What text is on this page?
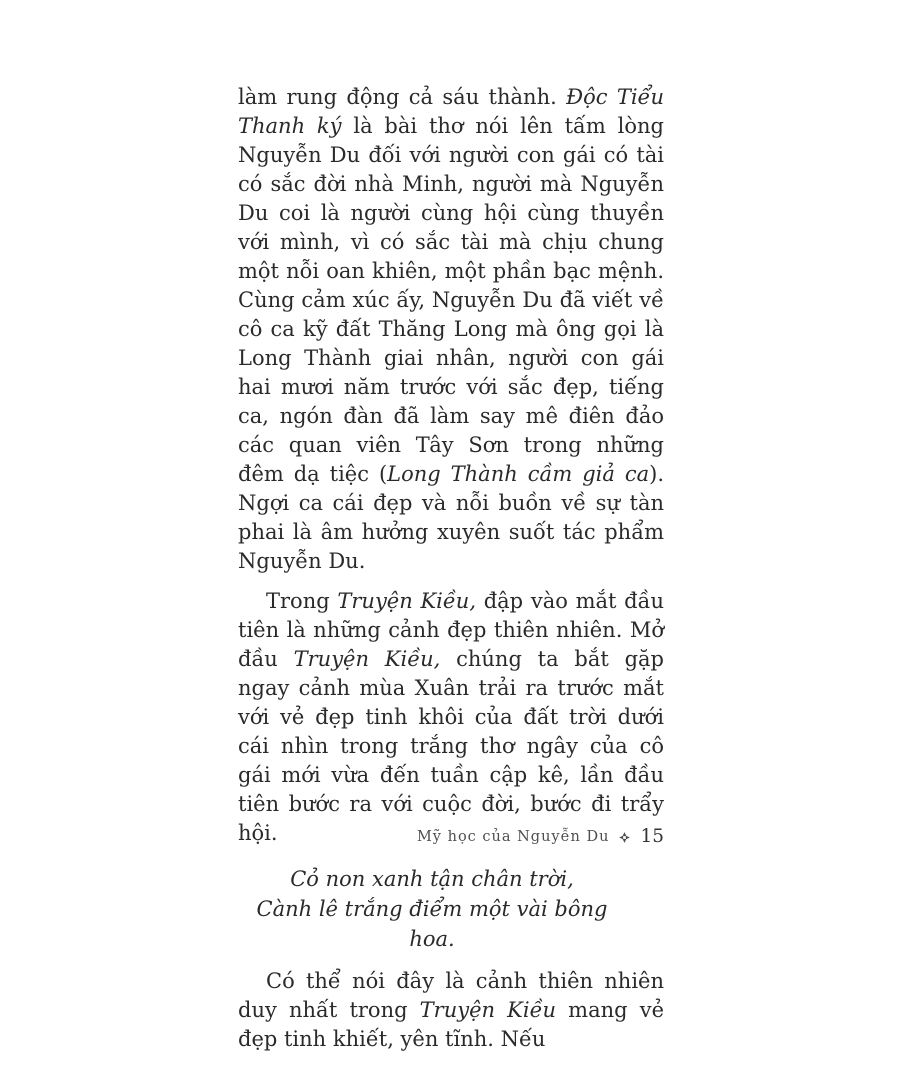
làm rung động cả sáu thành. Độc Tiểu Thanh ký là bài thơ nói lên tấm lòng Nguyễn Du đối với người con gái có tài có sắc đời nhà Minh, người mà Nguyễn Du coi là người cùng hội cùng thuyền với mình, vì có sắc tài mà chịu chung một nỗi oan khiên, một phần bạc mệnh. Cùng cảm xúc ấy, Nguyễn Du đã viết về cô ca kỹ đất Thăng Long mà ông gọi là Long Thành giai nhân, người con gái hai mươi năm trước với sắc đẹp, tiếng ca, ngón đàn đã làm say mê điên đảo các quan viên Tây Sơn trong những đêm dạ tiệc (Long Thành cầm giả ca). Ngợi ca cái đẹp và nỗi buồn về sự tàn phai là âm hưởng xuyên suốt tác phẩm Nguyễn Du.

Trong Truyện Kiều, đập vào mắt đầu tiên là những cảnh đẹp thiên nhiên. Mở đầu Truyện Kiều, chúng ta bắt gặp ngay cảnh mùa Xuân trải ra trước mắt với vẻ đẹp tinh khôi của đất trời dưới cái nhìn trong trắng thơ ngây của cô gái mới vừa đến tuần cập kê, lần đầu tiên bước ra với cuộc đời, bước đi trẩy hội.

Cỏ non xanh tận chân trời,
Cành lê trắng điểm một vài bông hoa.

Có thể nói đây là cảnh thiên nhiên duy nhất trong Truyện Kiều mang vẻ đẹp tinh khiết, yên tĩnh. Nếu

Mỹ học của Nguyễn Du 15
